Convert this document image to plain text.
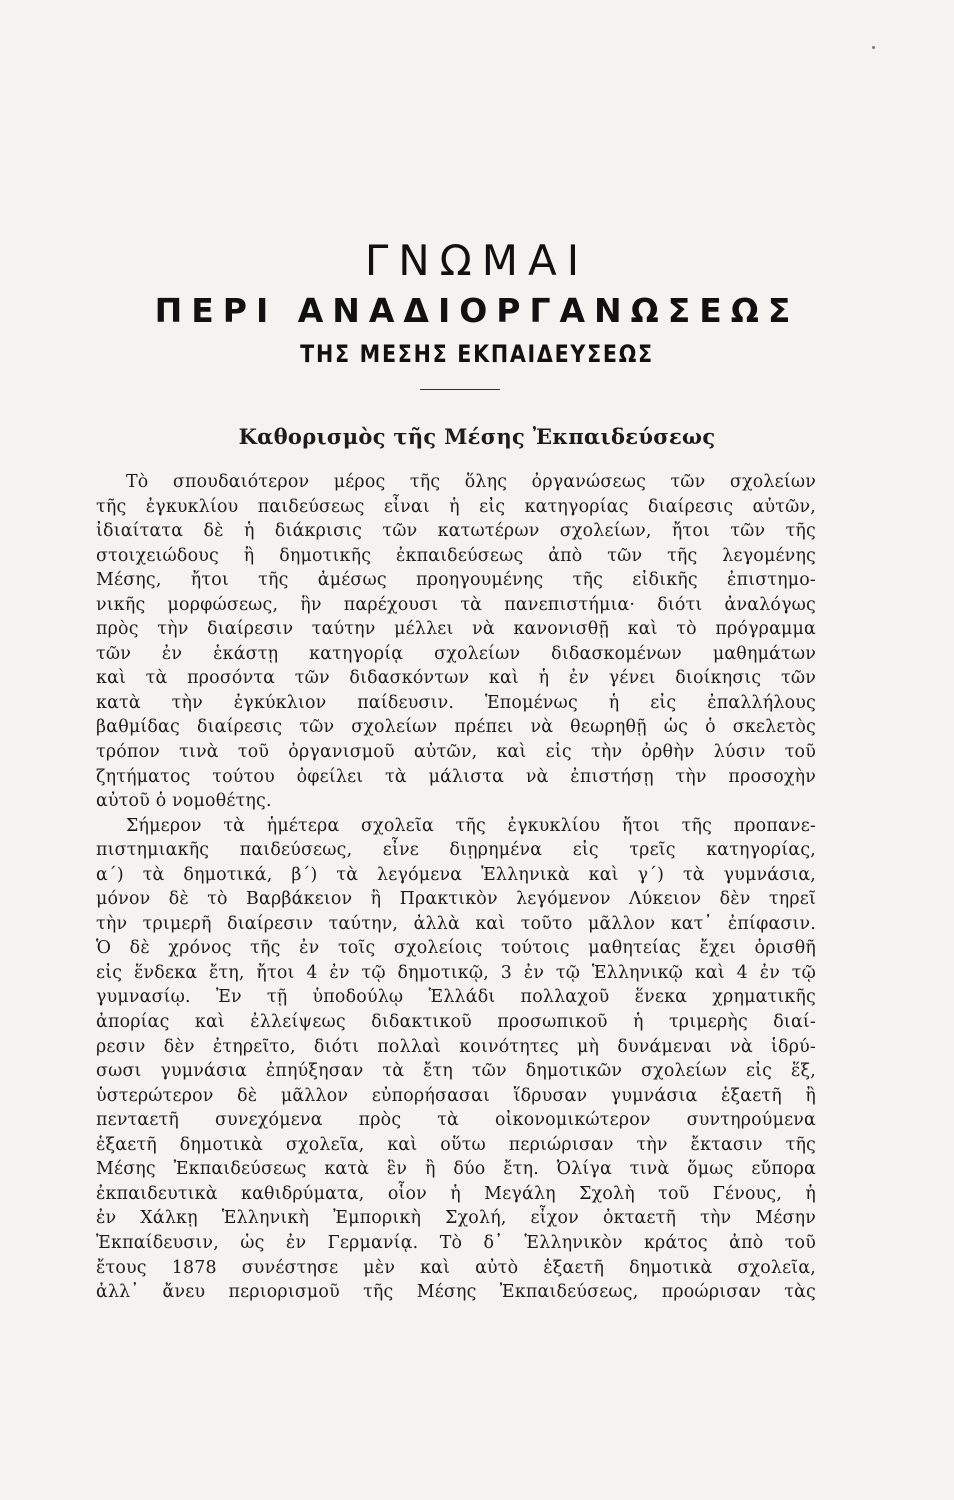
ΓΝΩΜΑΙ
ΠΕΡΙ ΑΝΑΔΙΟΡΓΑΝΩΣΕΩΣ
ΤΗΣ ΜΕΣΗΣ ΕΚΠΑΙΔΕΥΣΕΩΣ
Καθορισμὸς τῆς Μέσης Ἐκπαιδεύσεως
Τὸ σπουδαιότερον μέρος τῆς ὅλης ὀργανώσεως τῶν σχολείων
τῆς ἐγκυκλίου παιδεύσεως εἶναι ἡ εἰς κατηγορίας διαίρεσις αὐτῶν,
ἰδιαίτατα δὲ ἡ διάκρισις τῶν κατωτέρων σχολείων, ἤτοι τῶν τῆς
στοιχειώδους ἢ δημοτικῆς ἐκπαιδεύσεως ἀπὸ τῶν τῆς λεγομένης
Μέσης, ἤτοι τῆς ἀμέσως προηγουμένης τῆς εἰδικῆς ἐπιστημο-
νικῆς μορφώσεως, ἣν παρέχουσι τὰ πανεπιστήμια· διότι ἀναλόγως
πρὸς τὴν διαίρεσιν ταύτην μέλλει νὰ κανονισθῇ καὶ τὸ πρόγραμμα
τῶν ἐν ἑκάστῃ κατηγορίᾳ σχολείων διδασκομένων μαθημάτων
καὶ τὰ προσόντα τῶν διδασκόντων καὶ ἡ ἐν γένει διοίκησις τῶν
κατὰ τὴν ἐγκύκλιον παίδευσιν. Ἑπομένως ἡ εἰς ἐπαλλήλους
βαθμίδας διαίρεσις τῶν σχολείων πρέπει νὰ θεωρηθῇ ὡς ὁ σκελετὸς
τρόπον τινὰ τοῦ ὀργανισμοῦ αὐτῶν, καὶ εἰς τὴν ὀρθὴν λύσιν τοῦ
ζητήματος τούτου ὀφείλει τὰ μάλιστα νὰ ἐπιστήσῃ τὴν προσοχὴν
αὐτοῦ ὁ νομοθέτης.
Σήμερον τὰ ἡμέτερα σχολεῖα τῆς ἐγκυκλίου ἤτοι τῆς προπανε-
πιστημιακῆς παιδεύσεως, εἶνε διῃρημένα εἰς τρεῖς κατηγορίας,
α΄) τὰ δημοτικά, β΄) τὰ λεγόμενα Ἑλληνικὰ καὶ γ΄) τὰ γυμνάσια,
μόνον δὲ τὸ Βαρβάκειον ἢ Πρακτικὸν λεγόμενον Λύκειον δὲν τηρεῖ
τὴν τριμερῆ διαίρεσιν ταύτην, ἀλλὰ καὶ τοῦτο μᾶλλον κατ᾽ ἐπίφασιν.
Ὁ δὲ χρόνος τῆς ἐν τοῖς σχολείοις τούτοις μαθητείας ἔχει ὁρισθῆ
εἰς ἕνδεκα ἔτη, ἤτοι 4 ἐν τῷ δημοτικῷ, 3 ἐν τῷ Ἑλληνικῷ καὶ 4 ἐν τῷ
γυμνασίῳ. Ἐν τῇ ὑποδούλῳ Ἑλλάδι πολλαχοῦ ἕνεκα χρηματικῆς
ἀπορίας καὶ ἐλλείψεως διδακτικοῦ προσωπικοῦ ἡ τριμερὴς διαί-
ρεσιν δὲν ἐτηρεῖτο, διότι πολλαὶ κοινότητες μὴ δυνάμεναι νὰ ἱδρύ-
σωσι γυμνάσια ἐπηύξησαν τὰ ἔτη τῶν δημοτικῶν σχολείων εἰς ἕξ,
ὑστερώτερον δὲ μᾶλλον εὐπορήσασαι ἵδρυσαν γυμνάσια ἑξαετῆ ἢ
πενταετῆ συνεχόμενα πρὸς τὰ οἰκονομικώτερον συντηρούμενα
ἑξαετῆ δημοτικὰ σχολεῖα, καὶ οὕτω περιώρισαν τὴν ἔκτασιν τῆς
Μέσης Ἐκπαιδεύσεως κατὰ ἓν ἢ δύο ἔτη. Ὀλίγα τινὰ ὅμως εὔπορα
ἐκπαιδευτικὰ καθιδρύματα, οἷον ἡ Μεγάλη Σχολὴ τοῦ Γένους, ἡ
ἐν Χάλκῃ Ἑλληνικὴ Ἐμπορικὴ Σχολή, εἶχον ὀκταετῆ τὴν Μέσην
Ἐκπαίδευσιν, ὡς ἐν Γερμανίᾳ. Τὸ δ᾽ Ἑλληνικὸν κράτος ἀπὸ τοῦ
ἔτους 1878 συνέστησε μὲν καὶ αὐτὸ ἑξαετῆ δημοτικὰ σχολεῖα,
ἀλλ᾽ ἄνευ περιορισμοῦ τῆς Μέσης Ἐκπαιδεύσεως, προώρισαν τὰς
